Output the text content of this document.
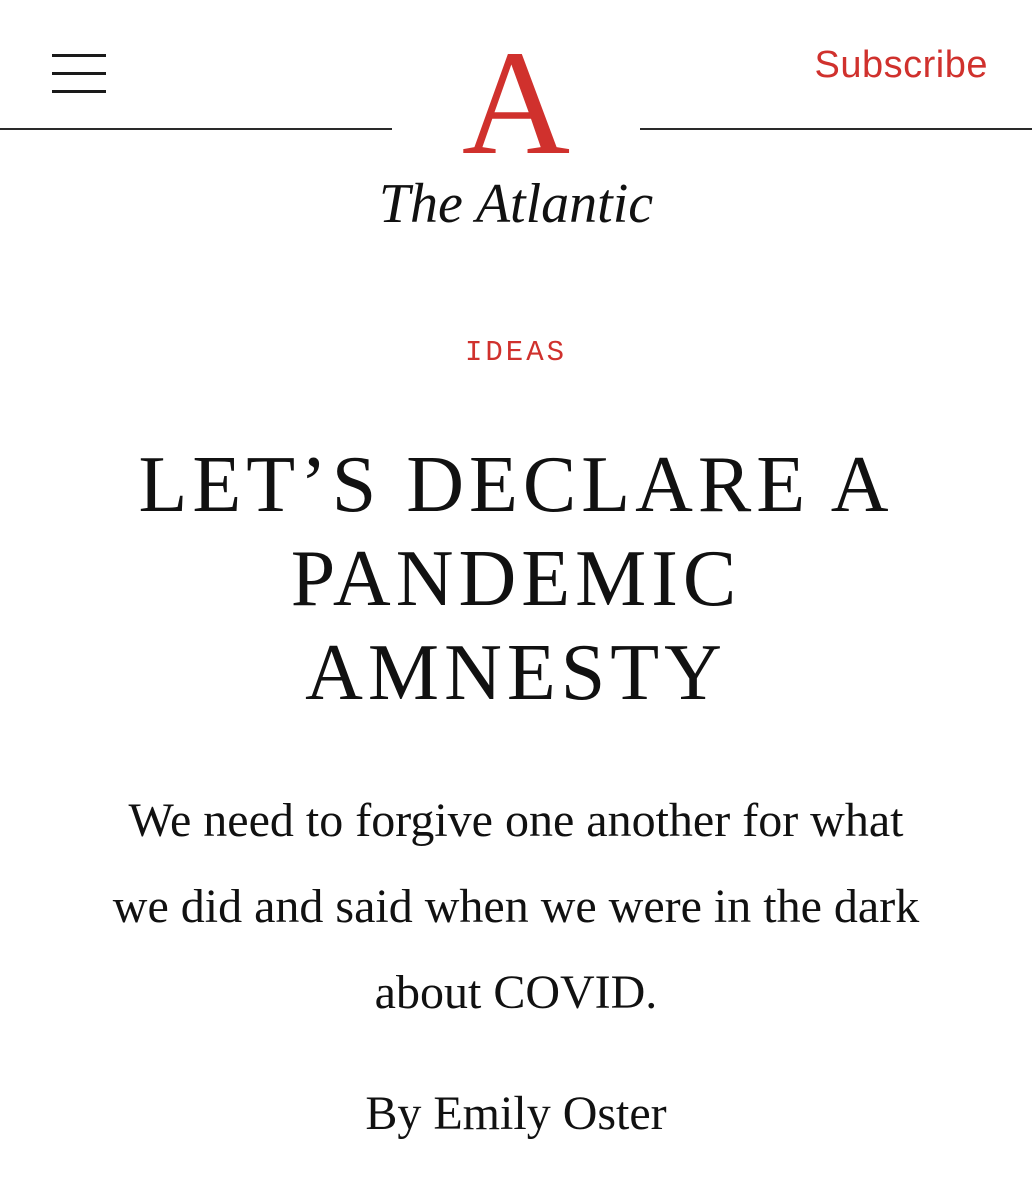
Subscribe
A
The Atlantic
IDEAS
LET’S DECLARE A
PANDEMIC
AMNESTY

We need to forgive one another for what
we did and said when we were in the dark
about COVID.

By Emily Oster
